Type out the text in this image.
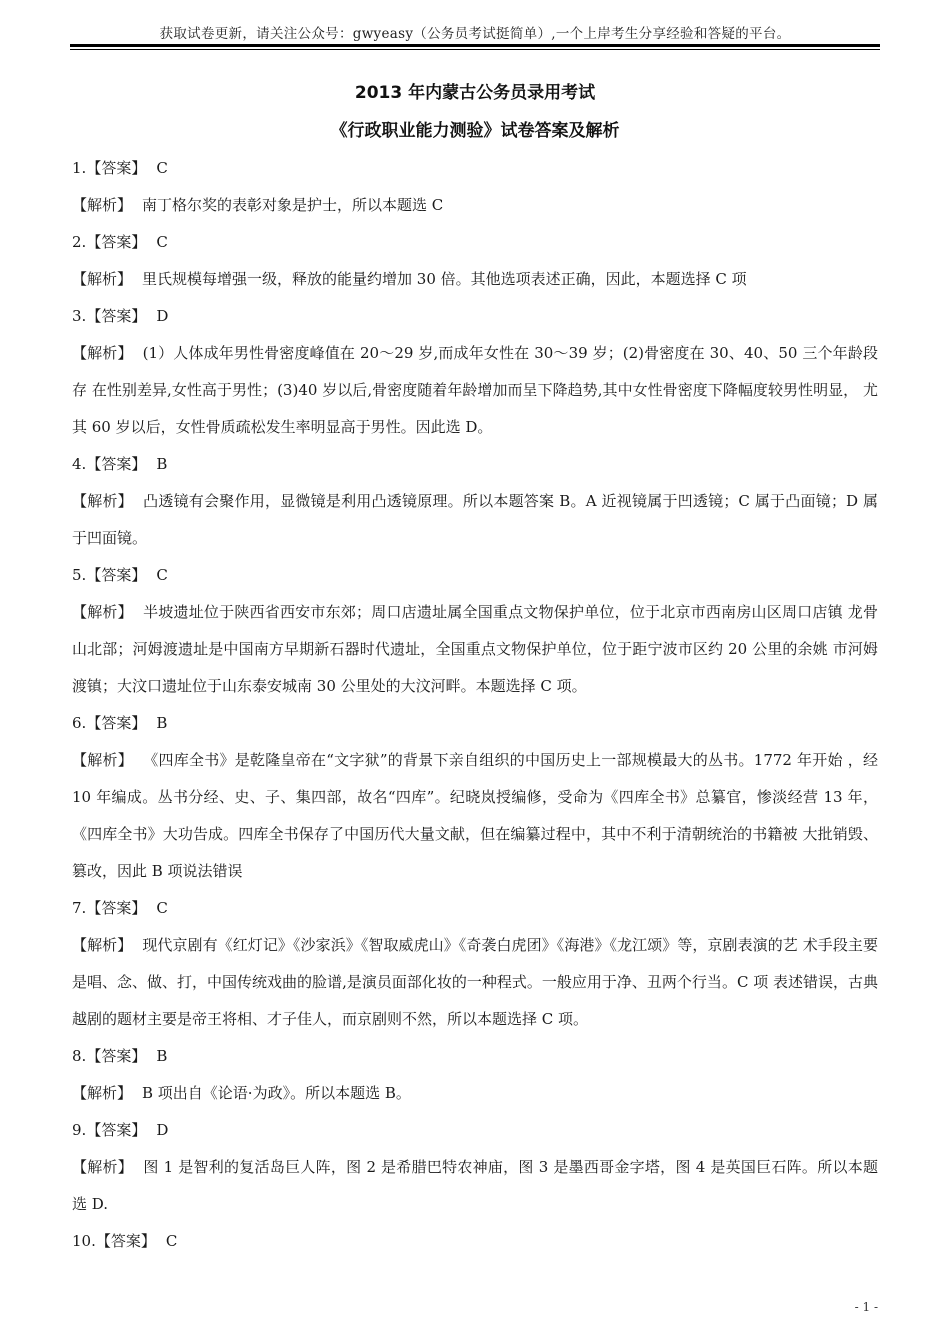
获取试卷更新，请关注公众号：gwyeasy（公务员考试挺简单）,一个上岸考生分享经验和答疑的平台。
2013 年内蒙古公务员录用考试
《行政职业能力测验》试卷答案及解析
1.【答案】 C
【解析】 南丁格尔奖的表彰对象是护士，所以本题选 C
2.【答案】 C
【解析】 里氏规模每增强一级，释放的能量约增加 30 倍。其他选项表述正确，因此，本题选择 C 项
3.【答案】 D
【解析】 (1）人体成年男性骨密度峰值在 20～29 岁,而成年女性在 30～39 岁；(2)骨密度在 30、40、50 三个年龄段存 在性别差异,女性高于男性；(3)40 岁以后,骨密度随着年龄增加而呈下降趋势,其中女性骨密度下降幅度较男性明显， 尤其 60 岁以后，女性骨质疏松发生率明显高于男性。因此选 D。
4.【答案】 B
【解析】 凸透镜有会聚作用，显微镜是利用凸透镜原理。所以本题答案 B。A 近视镜属于凹透镜；C 属于凸面镜；D 属于凹面镜。
5.【答案】 C
【解析】 半坡遗址位于陕西省西安市东郊；周口店遗址属全国重点文物保护单位，位于北京市西南房山区周口店镇 龙骨山北部；河姆渡遗址是中国南方早期新石器时代遗址，全国重点文物保护单位，位于距宁波市区约 20 公里的余姚 市河姆渡镇；大汶口遗址位于山东泰安城南 30 公里处的大汶河畔。本题选择 C 项。
6.【答案】 B
【解析】 《四库全书》是乾隆皇帝在“文字狱”的背景下亲自组织的中国历史上一部规模最大的丛书。1772 年开始 ，经 10 年编成。丛书分经、史、子、集四部，故名“四库”。纪晓岚授编修，受命为《四库全书》总纂官，惨淡经营 13 年，《四库全书》大功告成。四库全书保存了中国历代大量文献，但在编纂过程中，其中不利于清朝统治的书籍被 大批销毁、篡改，因此 B 项说法错误
7.【答案】 C
【解析】 现代京剧有《红灯记》《沙家浜》《智取威虎山》《奇袭白虎团》《海港》《龙江颂》等，京剧表演的艺 术手段主要是唱、念、做、打，中国传统戏曲的脸谱,是演员面部化妆的一种程式。一般应用于净、丑两个行当。C 项 表述错误，古典越剧的题材主要是帝王将相、才子佳人，而京剧则不然，所以本题选择 C 项。
8.【答案】 B
【解析】 B 项出自《论语·为政》。所以本题选 B。
9.【答案】 D
【解析】 图 1 是智利的复活岛巨人阵，图 2 是希腊巴特农神庙，图 3 是墨西哥金字塔，图 4 是英国巨石阵。所以本题选 D.
10.【答案】 C
- 1 -
